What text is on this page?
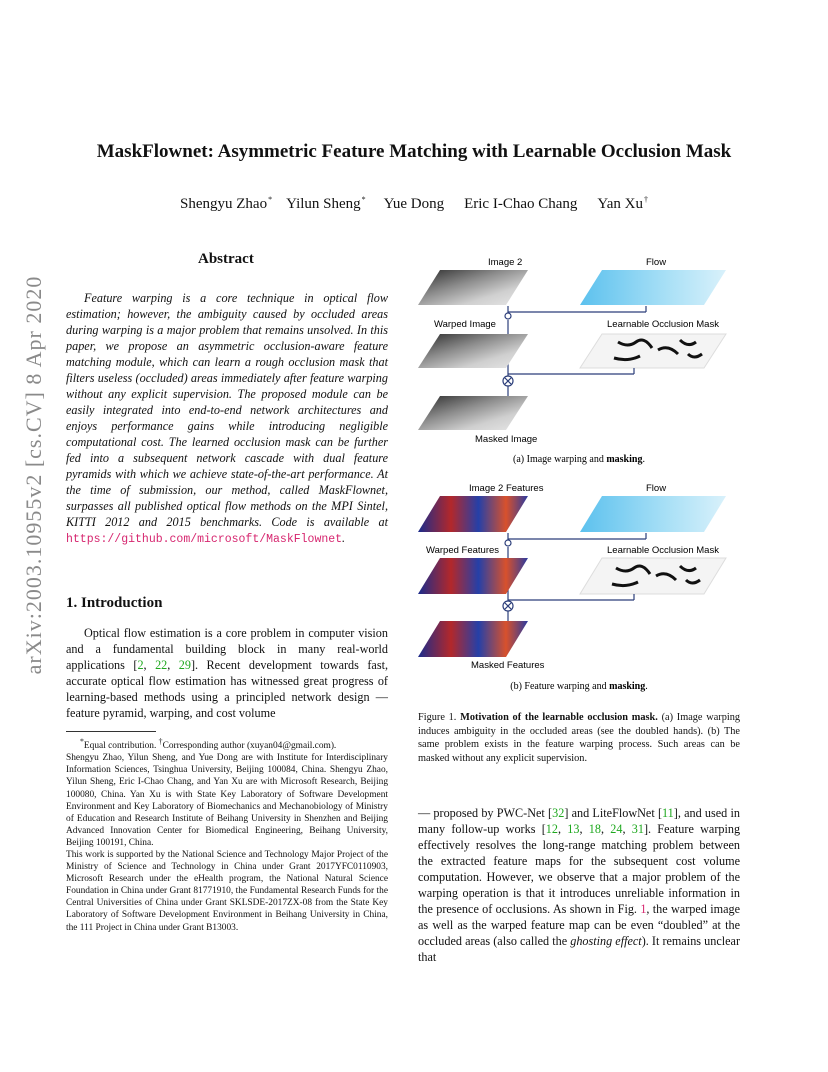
MaskFlownet: Asymmetric Feature Matching with Learnable Occlusion Mask
Shengyu Zhao* Yilun Sheng* Yue Dong Eric I-Chao Chang Yan Xu†
arXiv:2003.10955v2 [cs.CV] 8 Apr 2020
Abstract
Feature warping is a core technique in optical flow estimation; however, the ambiguity caused by occluded areas during warping is a major problem that remains unsolved. In this paper, we propose an asymmetric occlusion-aware feature matching module, which can learn a rough occlusion mask that filters useless (occluded) areas immediately after feature warping without any explicit supervision. The proposed module can be easily integrated into end-to-end network architectures and enjoys performance gains while introducing negligible computational cost. The learned occlusion mask can be further fed into a subsequent network cascade with dual feature pyramids with which we achieve state-of-the-art performance. At the time of submission, our method, called MaskFlownet, surpasses all published optical flow methods on the MPI Sintel, KITTI 2012 and 2015 benchmarks. Code is available at https://github.com/microsoft/MaskFlownet.
1. Introduction
Optical flow estimation is a core problem in computer vision and a fundamental building block in many real-world applications [2, 22, 29]. Recent development towards fast, accurate optical flow estimation has witnessed great progress of learning-based methods using a principled network design — feature pyramid, warping, and cost volume

*Equal contribution. †Corresponding author (xuyan04@gmail.com).

Shengyu Zhao, Yilun Sheng, and Yue Dong are with Institute for Interdisciplinary Information Sciences, Tsinghua University, Beijing 100084, China. Shengyu Zhao, Yilun Sheng, Eric I-Chao Chang, and Yan Xu are with Microsoft Research, Beijing 100080, China. Yan Xu is with State Key Laboratory of Software Development Environment and Key Laboratory of Biomechanics and Mechanobiology of Ministry of Education and Research Institute of Beihang University in Shenzhen and Beijing Advanced Innovation Center for Biomedical Engineering, Beihang University, Beijing 100191, China.

This work is supported by the National Science and Technology Major Project of the Ministry of Science and Technology in China under Grant 2017YFC0110903, Microsoft Research under the eHealth program, the National Natural Science Foundation in China under Grant 81771910, the Fundamental Research Funds for the Central Universities of China under Grant SKLSDE-2017ZX-08 from the State Key Laboratory of Software Development Environment in Beihang University in China, the 111 Project in China under Grant B13003.

Image 2	Flow
Warped Image	Learnable Occlusion Mask
Masked Image
(a) Image warping and masking.
Image 2 Features	Flow
Warped Features	Learnable Occlusion Mask
Masked Features
(b) Feature warping and masking.
Figure 1. Motivation of the learnable occlusion mask. (a) Image warping induces ambiguity in the occluded areas (see the doubled hands). (b) The same problem exists in the feature warping process. Such areas can be masked without any explicit supervision.
— proposed by PWC-Net [32] and LiteFlowNet [11], and used in many follow-up works [12, 13, 18, 24, 31]. Feature warping effectively resolves the long-range matching problem between the extracted feature maps for the subsequent cost volume computation. However, we observe that a major problem of the warping operation is that it introduces unreliable information in the presence of occlusions. As shown in Fig. 1, the warped image as well as the warped feature map can be even “doubled” at the occluded areas (also called the ghosting effect). It remains unclear that
